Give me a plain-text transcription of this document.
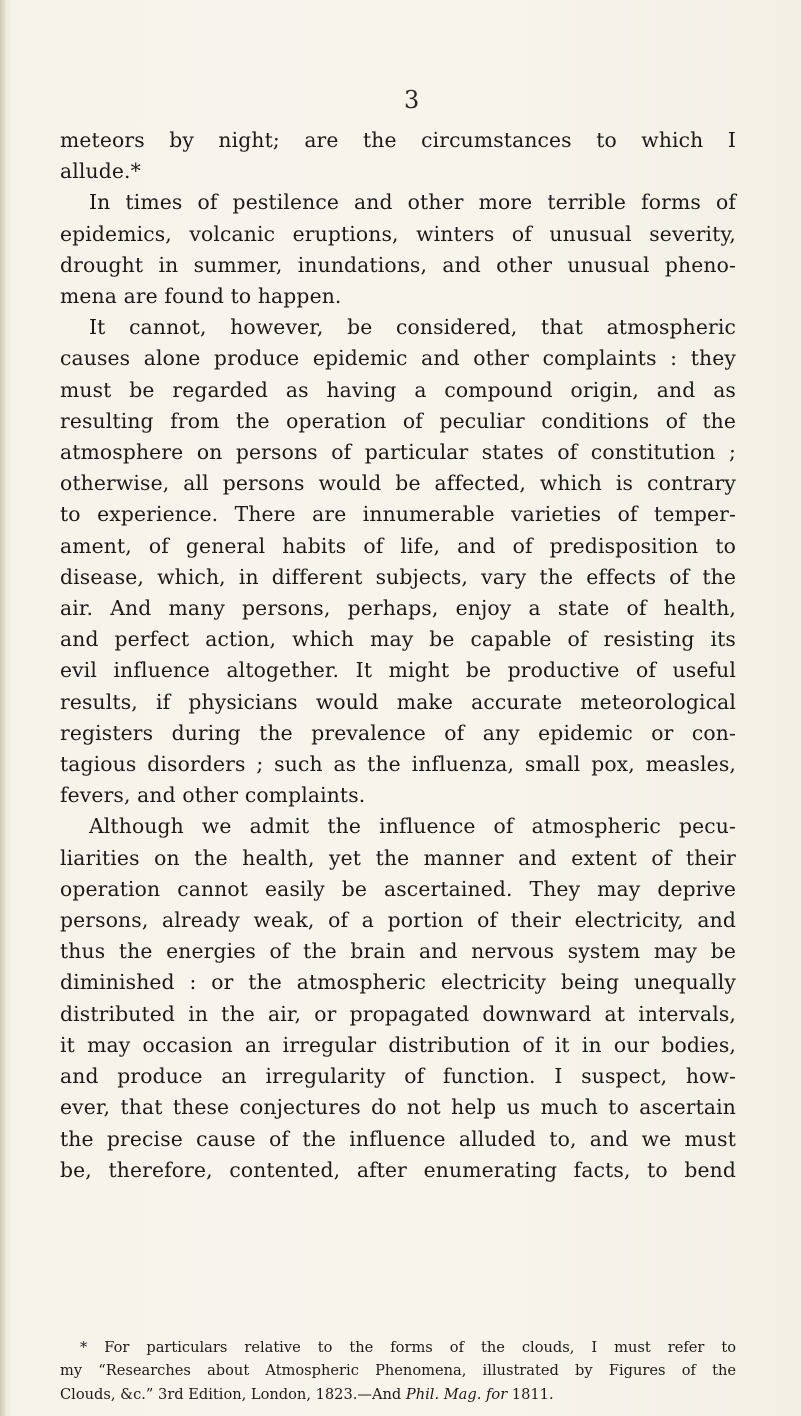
3
meteors by night; are the circumstances to which I
allude.*
In times of pestilence and other more terrible forms of
epidemics, volcanic eruptions, winters of unusual severity,
drought in summer, inundations, and other unusual pheno-
mena are found to happen.
It cannot, however, be considered, that atmospheric
causes alone produce epidemic and other complaints : they
must be regarded as having a compound origin, and as
resulting from the operation of peculiar conditions of the
atmosphere on persons of particular states of constitution ;
otherwise, all persons would be affected, which is contrary
to experience. There are innumerable varieties of temper-
ament, of general habits of life, and of predisposition to
disease, which, in different subjects, vary the effects of the
air. And many persons, perhaps, enjoy a state of health,
and perfect action, which may be capable of resisting its
evil influence altogether. It might be productive of useful
results, if physicians would make accurate meteorological
registers during the prevalence of any epidemic or con-
tagious disorders ; such as the influenza, small pox, measles,
fevers, and other complaints.
Although we admit the influence of atmospheric pecu-
liarities on the health, yet the manner and extent of their
operation cannot easily be ascertained. They may deprive
persons, already weak, of a portion of their electricity, and
thus the energies of the brain and nervous system may be
diminished : or the atmospheric electricity being unequally
distributed in the air, or propagated downward at intervals,
it may occasion an irregular distribution of it in our bodies,
and produce an irregularity of function. I suspect, how-
ever, that these conjectures do not help us much to ascertain
the precise cause of the influence alluded to, and we must
be, therefore, contented, after enumerating facts, to bend
* For particulars relative to the forms of the clouds, I must refer to
my “Researches about Atmospheric Phenomena, illustrated by Figures of the
Clouds, &c.” 3rd Edition, London, 1823.—And Phil. Mag. for 1811.
